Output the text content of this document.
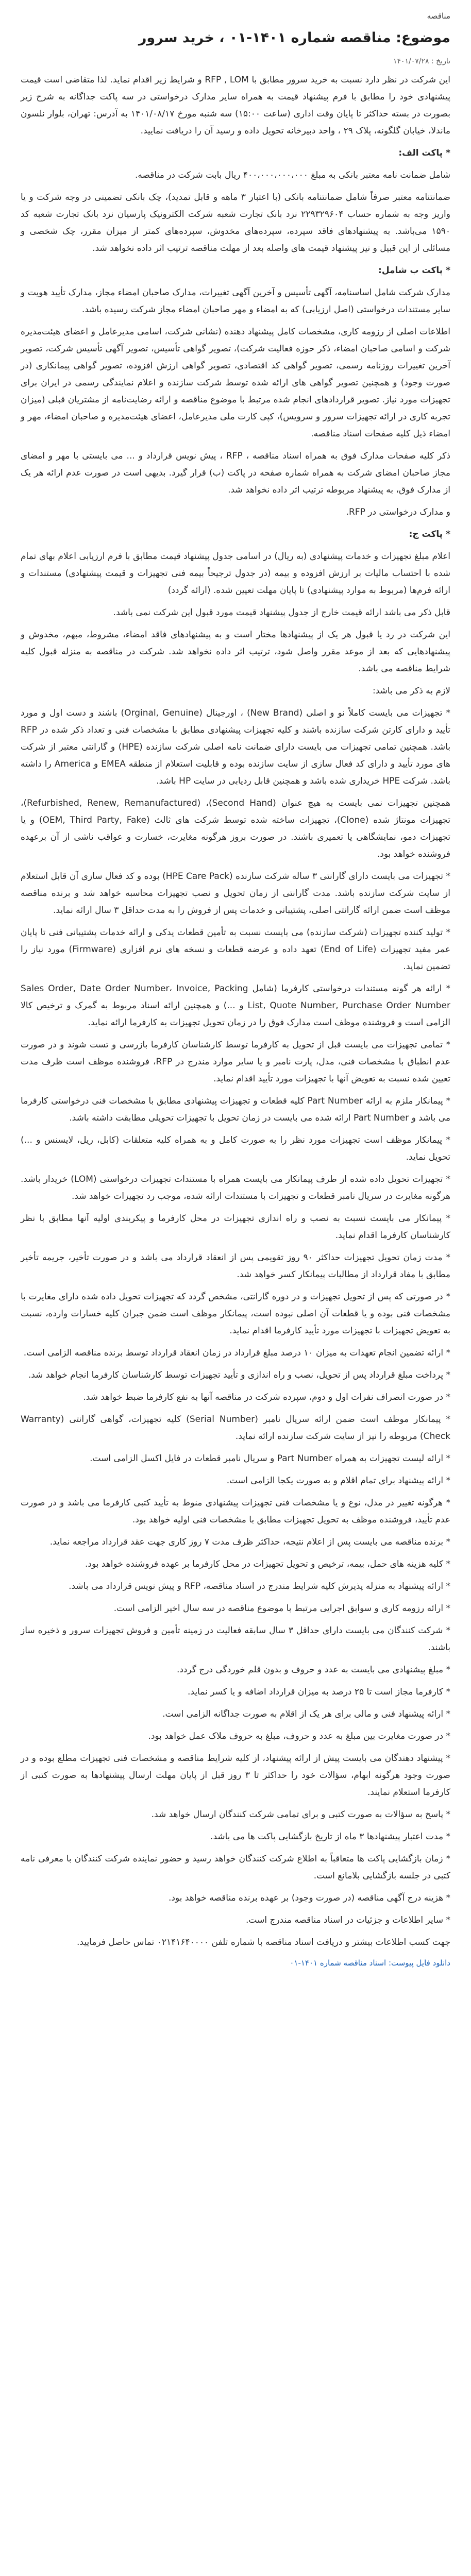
مناقصه
موضوع: مناقصه شماره ۱۴۰۱-۰۱ ، خرید سرور
تاریخ : ۱۴۰۱/۰۷/۲۸

این شرکت در نظر دارد نسبت به خرید سرور مطابق با RFP , LOM و شرایط زیر اقدام نماید. لذا متقاضی است قیمت پیشنهادی خود را مطابق با فرم پیشنهاد قیمت به همراه سایر مدارک درخواستی در سه پاکت جداگانه به شرح زیر بصورت در بسته حداکثر تا پایان وقت اداری (ساعت ۱۵:۰۰) سه شنبه مورخ ۱۴۰۱/۰۸/۱۷ به آدرس: تهران، بلوار نلسون ماندلا، خیابان گلگونه، پلاک ۲۹ ، واحد دبیرخانه تحویل داده و رسید آن را دریافت نمایید.

* پاکت الف:

شامل ضمانت نامه معتبر بانکی به مبلغ ۴۰۰،۰۰۰،۰۰۰،۰۰۰ ریال بابت شرکت در مناقصه.

ضمانتنامه معتبر صرفاً شامل ضمانتنامه بانکی (با اعتبار ۳ ماهه و قابل تمدید)، چک بانکی تضمینی در وجه شرکت و یا واریز وجه به شماره حساب ۲۲۹۳۲۹۶۰۴ نزد بانک تجارت شعبه شرکت الکترونیک پارسیان نزد بانک تجارت شعبه کد ۱۵۹۰ می‌باشد. به پیشنهادهای فاقد سپرده، سپرده‌های مخدوش، سپرده‌های کمتر از میزان مقرر، چک شخصی و مسائلی از این قبیل و نیز پیشنهاد قیمت های واصله بعد از مهلت مناقصه ترتیب اثر داده نخواهد شد.

* پاکت ب شامل:

مدارک شرکت شامل اساسنامه، آگهی تأسیس و آخرین آگهی تغییرات، مدارک صاحبان امضاء مجاز، مدارک تأیید هویت و سایر مستندات درخواستی (اصل ارزیابی) که به امضاء و مهر صاحبان امضاء مجاز شرکت رسیده باشد.

اطلاعات اصلی از رزومه کاری، مشخصات کامل پیشنهاد دهنده (نشانی شرکت، اسامی مدیرعامل و اعضای هیئت‌مدیره شرکت و اسامی صاحبان امضاء، ذکر حوزه فعالیت شرکت)، تصویر گواهی تأسیس، تصویر آگهی تأسیس شرکت، تصویر آخرین تغییرات روزنامه رسمی، تصویر گواهی کد اقتصادی، تصویر گواهی ارزش افزوده، تصویر گواهی پیمانکاری (در صورت وجود) و همچنین تصویر گواهی های ارائه شده توسط شرکت سازنده و اعلام نمایندگی رسمی در ایران برای تجهیزات مورد نیاز. تصویر قراردادهای انجام شده مرتبط با موضوع مناقصه و ارائه رضایت‌نامه از مشتریان قبلی (میزان تجربه کاری در ارائه تجهیزات سرور و سرویس)، کپی کارت ملی مدیرعامل، اعضای هیئت‌مدیره و صاحبان امضاء، مهر و امضاء ذیل کلیه صفحات اسناد مناقصه.

ذکر کلیه صفحات مدارک فوق به همراه اسناد مناقصه ، RFP ، پیش نویس قرارداد و ... می بایستی با مهر و امضای مجاز صاحبان امضای شرکت به همراه شماره صفحه در پاکت (ب) قرار گیرد. بدیهی است در صورت عدم ارائه هر یک از مدارک فوق، به پیشنهاد مربوطه ترتیب اثر داده نخواهد شد.

و مدارک درخواستی در RFP.

* پاکت ج:

اعلام مبلغ تجهیزات و خدمات پیشنهادی (به ریال) در اسامی جدول پیشنهاد قیمت مطابق با فرم ارزیابی اعلام بهای تمام شده با احتساب مالیات بر ارزش افزوده و بیمه (در جدول ترجیحاً بیمه فنی تجهیزات و قیمت پیشنهادی) مستندات و ارائه فرم‌ها (مربوط به موارد پیشنهادی) تا پایان مهلت تعیین شده. (ارائه گردد)

قابل ذکر می باشد ارائه قیمت خارج از جدول پیشنهاد قیمت مورد قبول این شرکت نمی باشد.

این شرکت در رد یا قبول هر یک از پیشنهادها مختار است و به پیشنهادهای فاقد امضاء، مشروط، مبهم، مخدوش و پیشنهادهایی که بعد از موعد مقرر واصل شود، ترتیب اثر داده نخواهد شد. شرکت در مناقصه به منزله قبول کلیه شرایط مناقصه می باشد.

لازم به ذکر می باشد:

* تجهیزات می بایست کاملاً نو و اصلی (New Brand) ، اورجینال (Orginal, Genuine) باشند و دست اول و مورد تأیید و دارای کارتن شرکت سازنده باشند و کلیه تجهیزات پیشنهادی مطابق با مشخصات فنی و تعداد ذکر شده در RFP باشد. همچنین تمامی تجهیزات می بایست دارای ضمانت نامه اصلی شرکت سازنده (HPE) و گارانتی معتبر از شرکت های مورد تأیید و دارای کد فعال سازی از سایت سازنده بوده و قابلیت استعلام از منطقه EMEA و America را داشته باشد. شرکت HPE خریداری شده باشد و همچنین قابل ردیابی در سایت HP باشد.

همچنین تجهیزات نمی بایست به هیچ عنوان (Second Hand)، (Refurbished, Renew, Remanufactured)، تجهیزات مونتاژ شده (Clone)، تجهیزات ساخته شده توسط شرکت های ثالث (OEM, Third Party, Fake) و یا تجهیزات دمو، نمایشگاهی یا تعمیری باشند. در صورت بروز هرگونه مغایرت، خسارت و عواقب ناشی از آن برعهده فروشنده خواهد بود.

* تجهیزات می بایست دارای گارانتی ۳ ساله شرکت سازنده (HPE Care Pack) بوده و کد فعال سازی آن قابل استعلام از سایت شرکت سازنده باشد. مدت گارانتی از زمان تحویل و نصب تجهیزات محاسبه خواهد شد و برنده مناقصه موظف است ضمن ارائه گارانتی اصلی، پشتیبانی و خدمات پس از فروش را به مدت حداقل ۳ سال ارائه نماید.

* تولید کننده تجهیزات (شرکت سازنده) می بایست نسبت به تأمین قطعات یدکی و ارائه خدمات پشتیبانی فنی تا پایان عمر مفید تجهیزات (End of Life) تعهد داده و عرضه قطعات و نسخه های نرم افزاری (Firmware) مورد نیاز را تضمین نماید.

* ارائه هر گونه مستندات درخواستی کارفرما (شامل Sales Order, Date Order Number، Invoice, Packing List, Quote Number, Purchase Order Number و ...) و همچنین ارائه اسناد مربوط به گمرک و ترخیص کالا الزامی است و فروشنده موظف است مدارک فوق را در زمان تحویل تجهیزات به کارفرما ارائه نماید.

* تمامی تجهیزات می بایست قبل از تحویل به کارفرما توسط کارشناسان کارفرما بازرسی و تست شوند و در صورت عدم انطباق با مشخصات فنی، مدل، پارت نامبر و یا سایر موارد مندرج در RFP، فروشنده موظف است ظرف مدت تعیین شده نسبت به تعویض آنها با تجهیزات مورد تأیید اقدام نماید.

* پیمانکار ملزم به ارائه Part Number کلیه قطعات و تجهیزات پیشنهادی مطابق با مشخصات فنی درخواستی کارفرما می باشد و Part Number ارائه شده می بایست در زمان تحویل با تجهیزات تحویلی مطابقت داشته باشد.

* پیمانکار موظف است تجهیزات مورد نظر را به صورت کامل و به همراه کلیه متعلقات (کابل، ریل، لایسنس و ...) تحویل نماید.

* تجهیزات تحویل داده شده از طرف پیمانکار می بایست همراه با مستندات تجهیزات درخواستی (LOM) خریدار باشد. هرگونه مغایرت در سریال نامبر قطعات و تجهیزات با مستندات ارائه شده، موجب رد تجهیزات خواهد شد.

* پیمانکار می بایست نسبت به نصب و راه اندازی تجهیزات در محل کارفرما و پیکربندی اولیه آنها مطابق با نظر کارشناسان کارفرما اقدام نماید.

* مدت زمان تحویل تجهیزات حداکثر ۹۰ روز تقویمی پس از انعقاد قرارداد می باشد و در صورت تأخیر، جریمه تأخیر مطابق با مفاد قرارداد از مطالبات پیمانکار کسر خواهد شد.

* در صورتی که پس از تحویل تجهیزات و در دوره گارانتی، مشخص گردد که تجهیزات تحویل داده شده دارای مغایرت با مشخصات فنی بوده و یا قطعات آن اصلی نبوده است، پیمانکار موظف است ضمن جبران کلیه خسارات وارده، نسبت به تعویض تجهیزات با تجهیزات مورد تأیید کارفرما اقدام نماید.

* ارائه تضمین انجام تعهدات به میزان ۱۰ درصد مبلغ قرارداد در زمان انعقاد قرارداد توسط برنده مناقصه الزامی است.

* پرداخت مبلغ قرارداد پس از تحویل، نصب و راه اندازی و تأیید تجهیزات توسط کارشناسان کارفرما انجام خواهد شد.

* در صورت انصراف نفرات اول و دوم، سپرده شرکت در مناقصه آنها به نفع کارفرما ضبط خواهد شد.

* پیمانکار موظف است ضمن ارائه سریال نامبر (Serial Number) کلیه تجهیزات، گواهی گارانتی (Warranty Check) مربوطه را نیز از سایت شرکت سازنده ارائه نماید.

* ارائه لیست تجهیزات به همراه Part Number و سریال نامبر قطعات در فایل اکسل الزامی است.

* ارائه پیشنهاد برای تمام اقلام و به صورت یکجا الزامی است.

* هرگونه تغییر در مدل، نوع و یا مشخصات فنی تجهیزات پیشنهادی منوط به تأیید کتبی کارفرما می باشد و در صورت عدم تأیید، فروشنده موظف به تحویل تجهیزات مطابق با مشخصات فنی اولیه خواهد بود.

* برنده مناقصه می بایست پس از اعلام نتیجه، حداکثر ظرف مدت ۷ روز کاری جهت عقد قرارداد مراجعه نماید.

* کلیه هزینه های حمل، بیمه، ترخیص و تحویل تجهیزات در محل کارفرما بر عهده فروشنده خواهد بود.

* ارائه پیشنهاد به منزله پذیرش کلیه شرایط مندرج در اسناد مناقصه، RFP و پیش نویس قرارداد می باشد.

* ارائه رزومه کاری و سوابق اجرایی مرتبط با موضوع مناقصه در سه سال اخیر الزامی است.

* شرکت کنندگان می بایست دارای حداقل ۳ سال سابقه فعالیت در زمینه تأمین و فروش تجهیزات سرور و ذخیره ساز باشند.

* مبلغ پیشنهادی می بایست به عدد و حروف و بدون قلم خوردگی درج گردد.

* کارفرما مجاز است تا ۲۵ درصد به میزان قرارداد اضافه و یا کسر نماید.

* ارائه پیشنهاد فنی و مالی برای هر یک از اقلام به صورت جداگانه الزامی است.

* در صورت مغایرت بین مبلغ به عدد و حروف، مبلغ به حروف ملاک عمل خواهد بود.

* پیشنهاد دهندگان می بایست پیش از ارائه پیشنهاد، از کلیه شرایط مناقصه و مشخصات فنی تجهیزات مطلع بوده و در صورت وجود هرگونه ابهام، سؤالات خود را حداکثر تا ۳ روز قبل از پایان مهلت ارسال پیشنهادها به صورت کتبی از کارفرما استعلام نمایند.

* پاسخ به سؤالات به صورت کتبی و برای تمامی شرکت کنندگان ارسال خواهد شد.

* مدت اعتبار پیشنهادها ۳ ماه از تاریخ بازگشایی پاکت ها می باشد.

* زمان بازگشایی پاکت ها متعاقباً به اطلاع شرکت کنندگان خواهد رسید و حضور نماینده شرکت کنندگان با معرفی نامه کتبی در جلسه بازگشایی بلامانع است.

* هزینه درج آگهی مناقصه (در صورت وجود) بر عهده برنده مناقصه خواهد بود.

* سایر اطلاعات و جزئیات در اسناد مناقصه مندرج است.

جهت کسب اطلاعات بیشتر و دریافت اسناد مناقصه با شماره تلفن ۰۲۱۴۱۶۴۰۰۰۰ تماس حاصل فرمایید.

دانلود فایل پیوست: اسناد مناقصه شماره ۱۴۰۱-۰۱
